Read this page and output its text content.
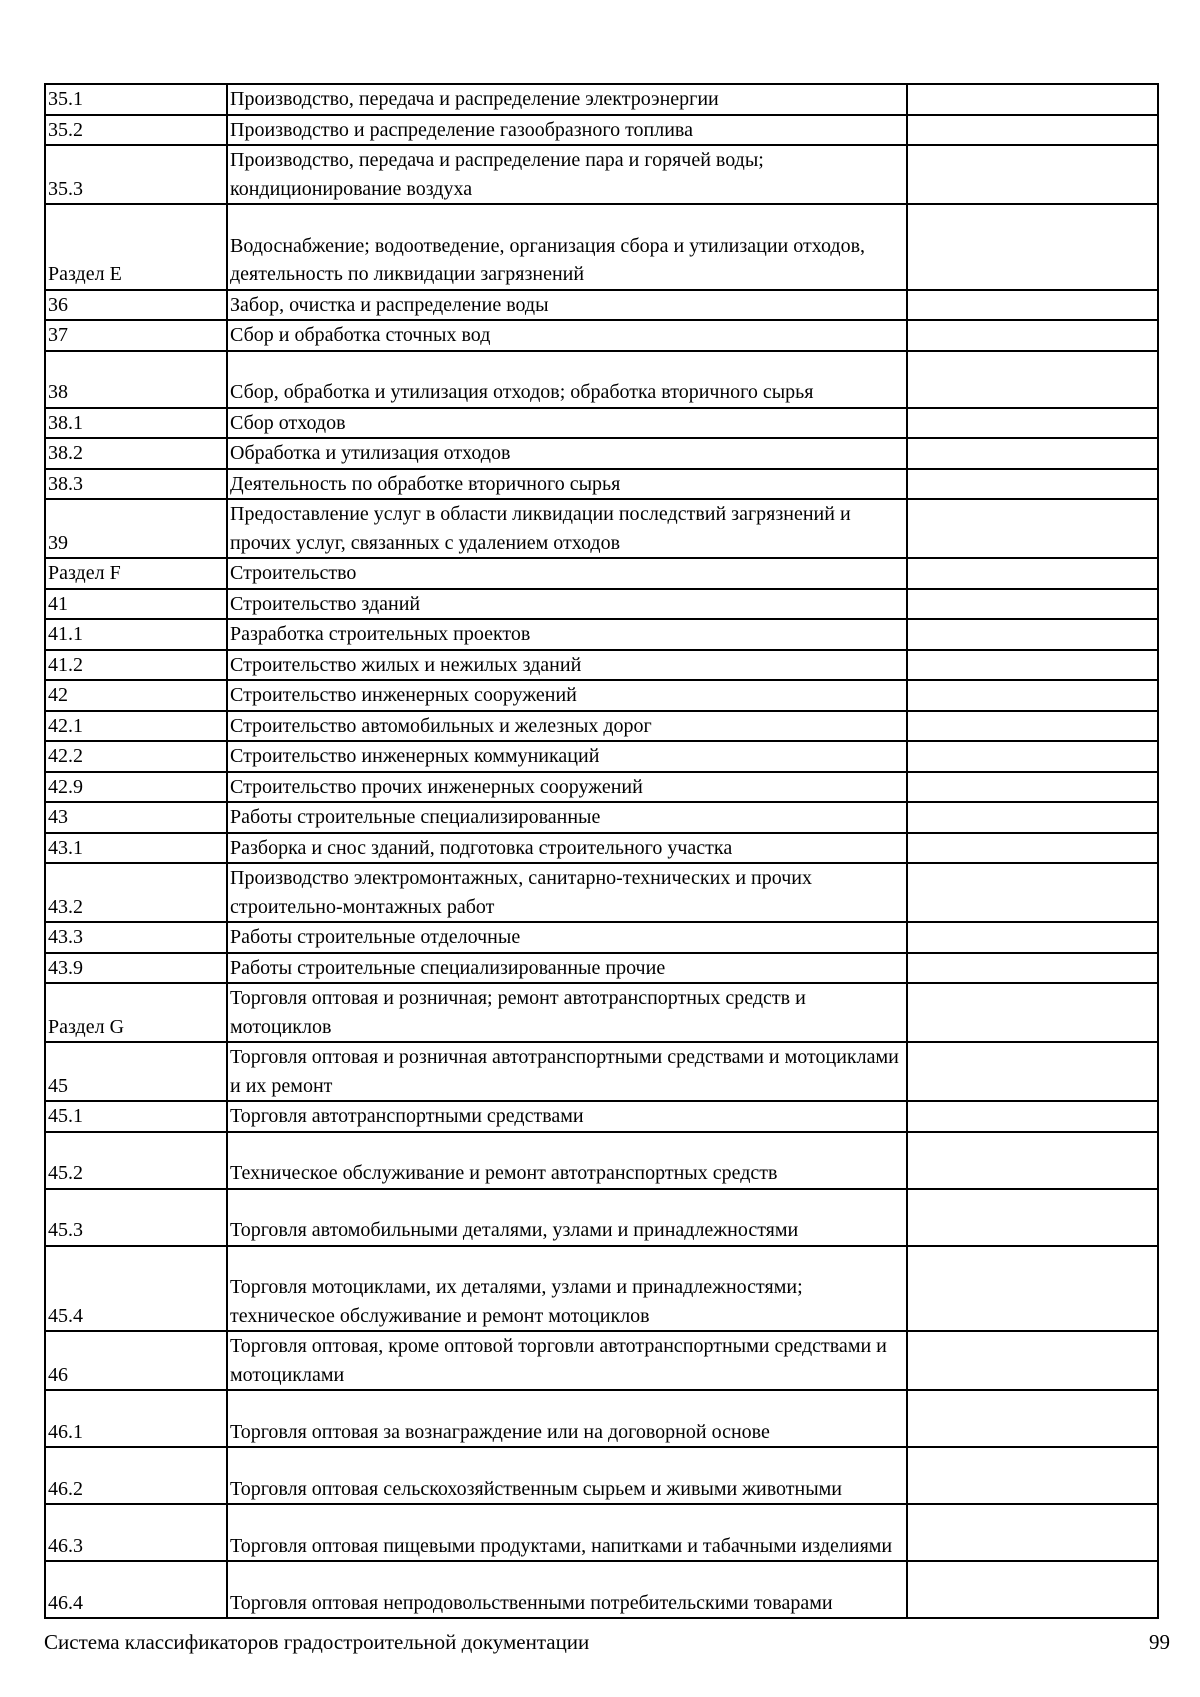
35.1	Производство, передача и распределение электроэнергии	
35.2	Производство и распределение газообразного топлива	
35.3	Производство, передача и распределение пара и горячей воды; кондиционирование воздуха	
Раздел E	Водоснабжение; водоотведение, организация сбора и утилизации отходов, деятельность по ликвидации загрязнений	
36	Забор, очистка и распределение воды	
37	Сбор и обработка сточных вод	
38	Сбор, обработка и утилизация отходов; обработка вторичного сырья	
38.1	Сбор отходов	
38.2	Обработка и утилизация отходов	
38.3	Деятельность по обработке вторичного сырья	
39	Предоставление услуг в области ликвидации последствий загрязнений и прочих услуг, связанных с удалением отходов	
Раздел F	Строительство	
41	Строительство зданий	
41.1	Разработка строительных проектов	
41.2	Строительство жилых и нежилых зданий	
42	Строительство инженерных сооружений	
42.1	Строительство автомобильных и железных дорог	
42.2	Строительство инженерных коммуникаций	
42.9	Строительство прочих инженерных сооружений	
43	Работы строительные специализированные	
43.1	Разборка и снос зданий, подготовка строительного участка	
43.2	Производство электромонтажных, санитарно-технических и прочих строительно-монтажных работ	
43.3	Работы строительные отделочные	
43.9	Работы строительные специализированные прочие	
Раздел G	Торговля оптовая и розничная; ремонт автотранспортных средств и мотоциклов	
45	Торговля оптовая и розничная автотранспортными средствами и мотоциклами и их ремонт	
45.1	Торговля автотранспортными средствами	
45.2	Техническое обслуживание и ремонт автотранспортных средств	
45.3	Торговля автомобильными деталями, узлами и принадлежностями	
45.4	Торговля мотоциклами, их деталями, узлами и принадлежностями; техническое обслуживание и ремонт мотоциклов	
46	Торговля оптовая, кроме оптовой торговли автотранспортными средствами и мотоциклами	
46.1	Торговля оптовая за вознаграждение или на договорной основе	
46.2	Торговля оптовая сельскохозяйственным сырьем и живыми животными	
46.3	Торговля оптовая пищевыми продуктами, напитками и табачными изделиями	
46.4	Торговля оптовая непродовольственными потребительскими товарами	
Система классификаторов градостроительной документации	99
